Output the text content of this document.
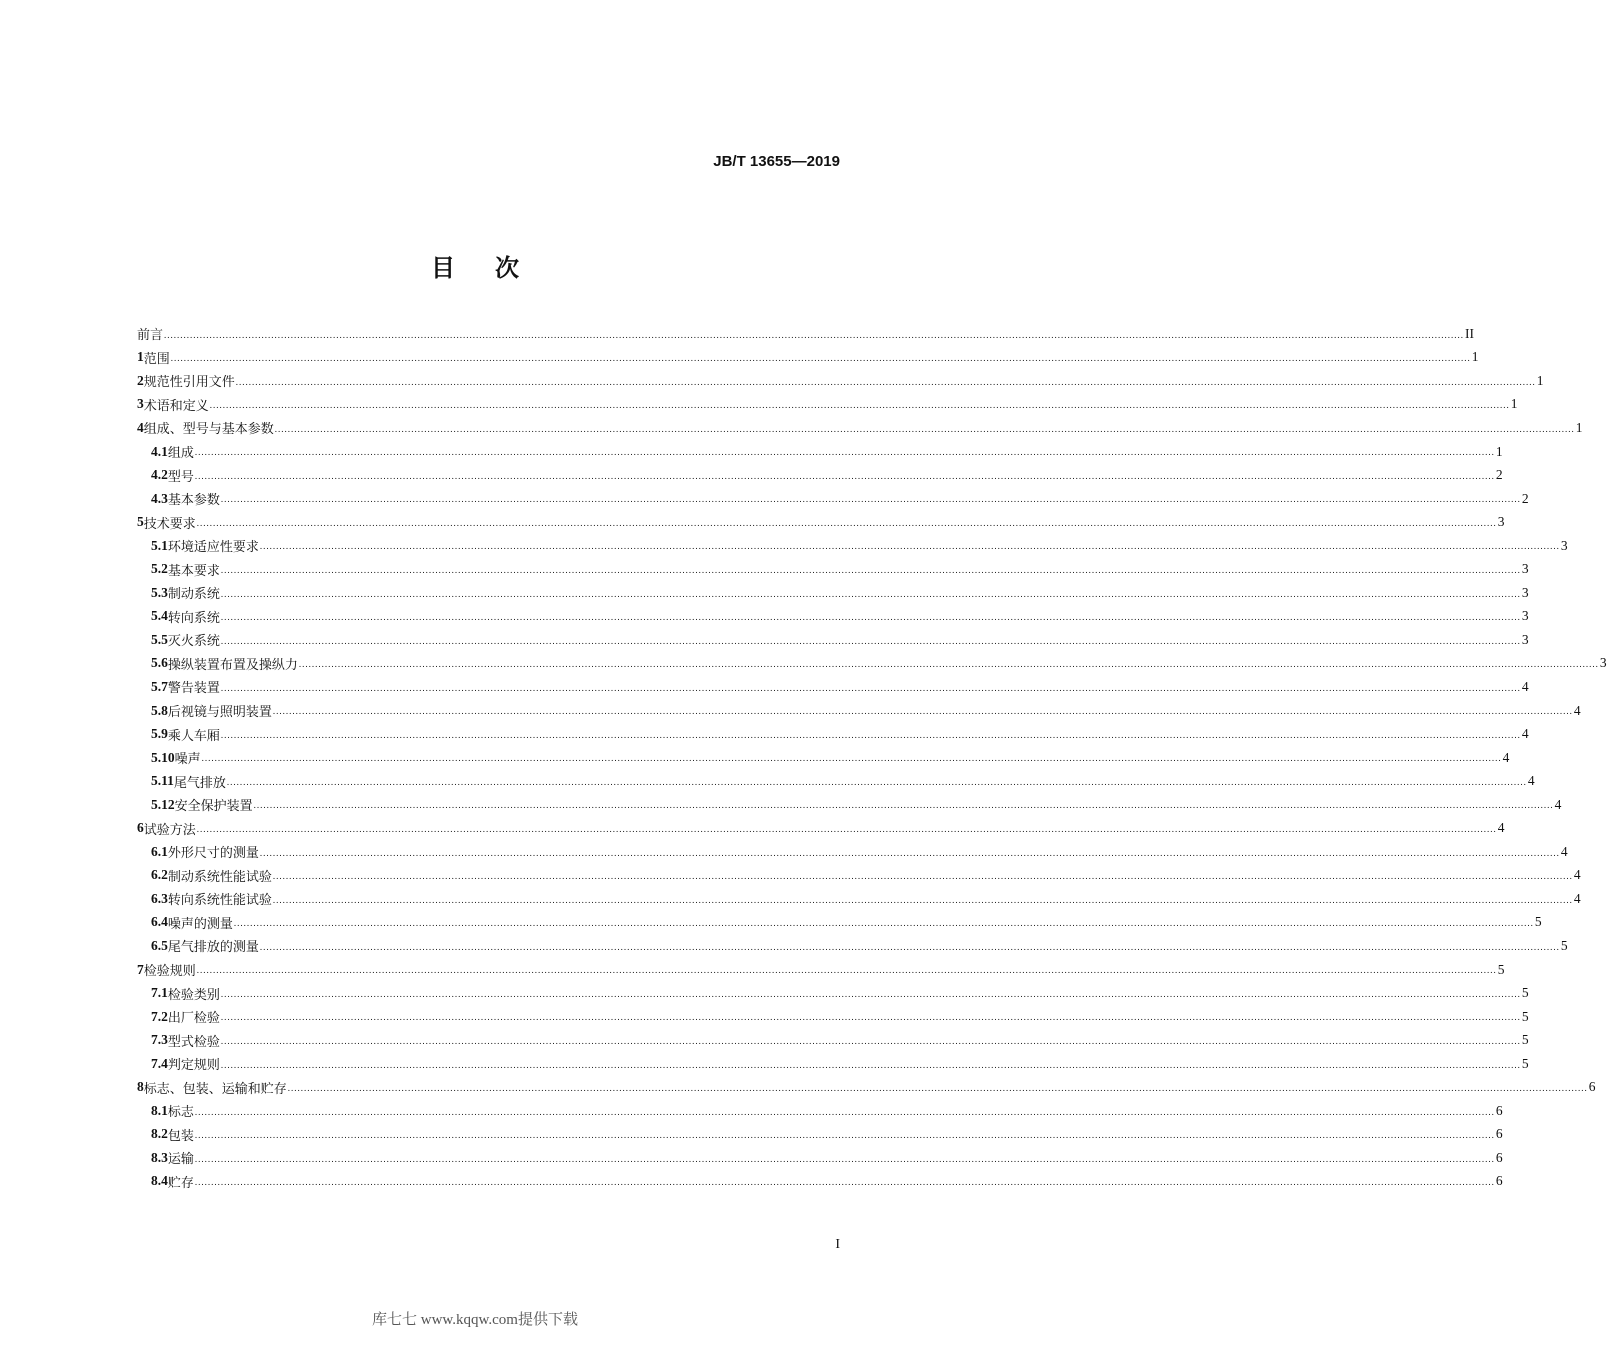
JB/T 13655—2019
目次
前言 ................................................................................................................................................................................................................................................................................................................................................................................................................ II
1 范围 ................................................................................................................................................................................................................................................................................................................................................................................................................ 1
2 规范性引用文件 ................................................................................................................................................................................................................................................................................................................................................................................................................ 1
3 术语和定义 ................................................................................................................................................................................................................................................................................................................................................................................................................ 1
4 组成、型号与基本参数 ................................................................................................................................................................................................................................................................................................................................................................................................................ 1
4.1 组成 ................................................................................................................................................................................................................................................................................................................................................................................................................ 1
4.2 型号 ................................................................................................................................................................................................................................................................................................................................................................................................................ 2
4.3 基本参数 ................................................................................................................................................................................................................................................................................................................................................................................................................ 2
5 技术要求 ................................................................................................................................................................................................................................................................................................................................................................................................................ 3
5.1 环境适应性要求 ................................................................................................................................................................................................................................................................................................................................................................................................................ 3
5.2 基本要求 ................................................................................................................................................................................................................................................................................................................................................................................................................ 3
5.3 制动系统 ................................................................................................................................................................................................................................................................................................................................................................................................................ 3
5.4 转向系统 ................................................................................................................................................................................................................................................................................................................................................................................................................ 3
5.5 灭火系统 ................................................................................................................................................................................................................................................................................................................................................................................................................ 3
5.6 操纵装置布置及操纵力 ................................................................................................................................................................................................................................................................................................................................................................................................................ 3
5.7 警告装置 ................................................................................................................................................................................................................................................................................................................................................................................................................ 4
5.8 后视镜与照明装置 ................................................................................................................................................................................................................................................................................................................................................................................................................ 4
5.9 乘人车厢 ................................................................................................................................................................................................................................................................................................................................................................................................................ 4
5.10 噪声 ................................................................................................................................................................................................................................................................................................................................................................................................................ 4
5.11 尾气排放 ................................................................................................................................................................................................................................................................................................................................................................................................................ 4
5.12 安全保护装置 ................................................................................................................................................................................................................................................................................................................................................................................................................ 4
6 试验方法 ................................................................................................................................................................................................................................................................................................................................................................................................................ 4
6.1 外形尺寸的测量 ................................................................................................................................................................................................................................................................................................................................................................................................................ 4
6.2 制动系统性能试验 ................................................................................................................................................................................................................................................................................................................................................................................................................ 4
6.3 转向系统性能试验 ................................................................................................................................................................................................................................................................................................................................................................................................................ 4
6.4 噪声的测量 ................................................................................................................................................................................................................................................................................................................................................................................................................ 5
6.5 尾气排放的测量 ................................................................................................................................................................................................................................................................................................................................................................................................................ 5
7 检验规则 ................................................................................................................................................................................................................................................................................................................................................................................................................ 5
7.1 检验类别 ................................................................................................................................................................................................................................................................................................................................................................................................................ 5
7.2 出厂检验 ................................................................................................................................................................................................................................................................................................................................................................................................................ 5
7.3 型式检验 ................................................................................................................................................................................................................................................................................................................................................................................................................ 5
7.4 判定规则 ................................................................................................................................................................................................................................................................................................................................................................................................................ 5
8 标志、包装、运输和贮存 ................................................................................................................................................................................................................................................................................................................................................................................................................ 6
8.1 标志 ................................................................................................................................................................................................................................................................................................................................................................................................................ 6
8.2 包装 ................................................................................................................................................................................................................................................................................................................................................................................................................ 6
8.3 运输 ................................................................................................................................................................................................................................................................................................................................................................................................................ 6
8.4 贮存 ................................................................................................................................................................................................................................................................................................................................................................................................................ 6
I
库七七 www.kqqw.com提供下载
